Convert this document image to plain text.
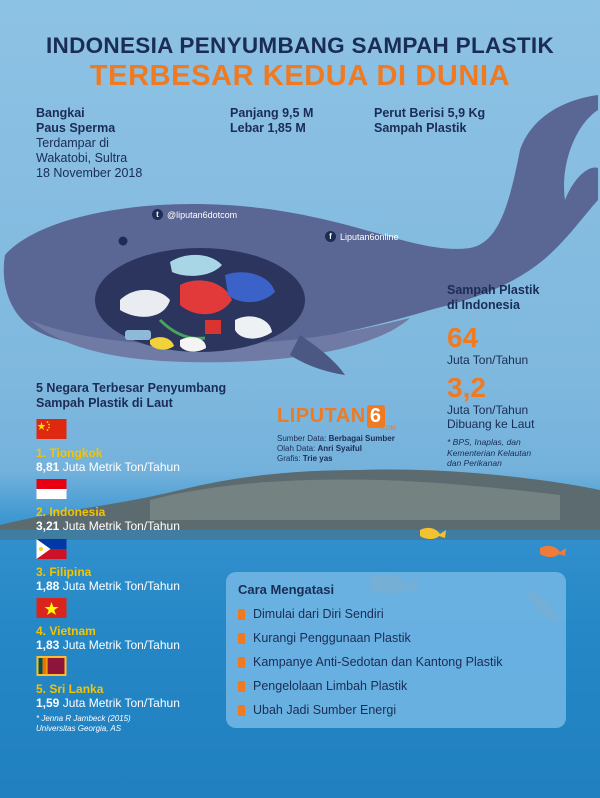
INDONESIA PENYUMBANG SAMPAH PLASTIK
TERBESAR KEDUA DI DUNIA
Bangkai
Paus Sperma
Terdampar di
Wakatobi, Sultra
18 November 2018
Panjang 9,5 M
Lebar 1,85 M
Perut Berisi 5,9 Kg
Sampah Plastik
t @liputan6dotcom
f Liputan6online
Sampah Plastik
di Indonesia
64
Juta Ton/Tahun
3,2
Juta Ton/Tahun
Dibuang ke Laut
* BPS, Inaplas, dan
Kementerian Kelautan
dan Perikanan
5 Negara Terbesar Penyumbang
Sampah Plastik di Laut
1. Tiongkok
8,81 Juta Metrik Ton/Tahun
2. Indonesia
3,21 Juta Metrik Ton/Tahun
3. Filipina
1,88 Juta Metrik Ton/Tahun
4. Vietnam
1,83 Juta Metrik Ton/Tahun
5. Sri Lanka
1,59 Juta Metrik Ton/Tahun
* Jenna R Jambeck (2015)
Universitas Georgia, AS
LIPUTAN 6
.COM
Sumber Data: Berbagai Sumber
Olah Data: Anri Syaiful
Grafis: Trie yas
Cara Mengatasi
Dimulai dari Diri Sendiri
Kurangi Penggunaan Plastik
Kampanye Anti-Sedotan dan Kantong Plastik
Pengelolaan Limbah Plastik
Ubah Jadi Sumber Energi
